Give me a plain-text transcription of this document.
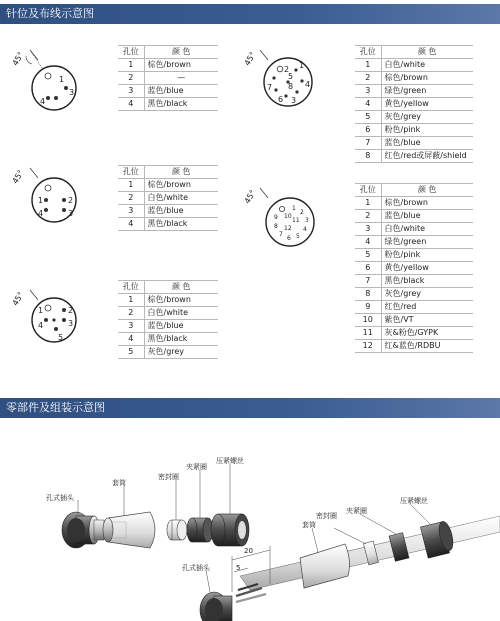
针位及布线示意图
45°
1
3
4
孔位	颜 色
1	棕色/brown
2	—
3	蓝色/blue
4	黑色/black
45°
2 1
4
3
6
7 8
5
孔位	颜 色
1	白色/white
2	棕色/brown
3	绿色/green
4	黄色/yellow
5	灰色/grey
6	粉色/pink
7	蓝色/blue
8	红色/red或屏蔽/shield
45°
1	2
3
4
孔位	颜 色
1	棕色/brown
2	白色/white
3	蓝色/blue
4	黑色/black
45°
1
2
3
4
5
6
7
8
9 10
11
12
孔位	颜 色
1	棕色/brown
2	蓝色/blue
3	白色/white
4	绿色/green
5	粉色/pink
6	黄色/yellow
7	黑色/black
8	灰色/grey
9	红色/red
10	紫色/VT
11	灰&粉色/GYPK
12	红&蓝色/RDBU
45°
1	2
3
4
5
孔位	颜 色
1	棕色/brown
2	白色/white
3	蓝色/blue
4	黑色/black
5	灰色/grey
零部件及组装示意图
孔式插头
套筒
密封圈
夹紧圈
压紧螺丝
套筒
密封圈
夹紧圈
压紧螺丝
20
5
孔式插头
